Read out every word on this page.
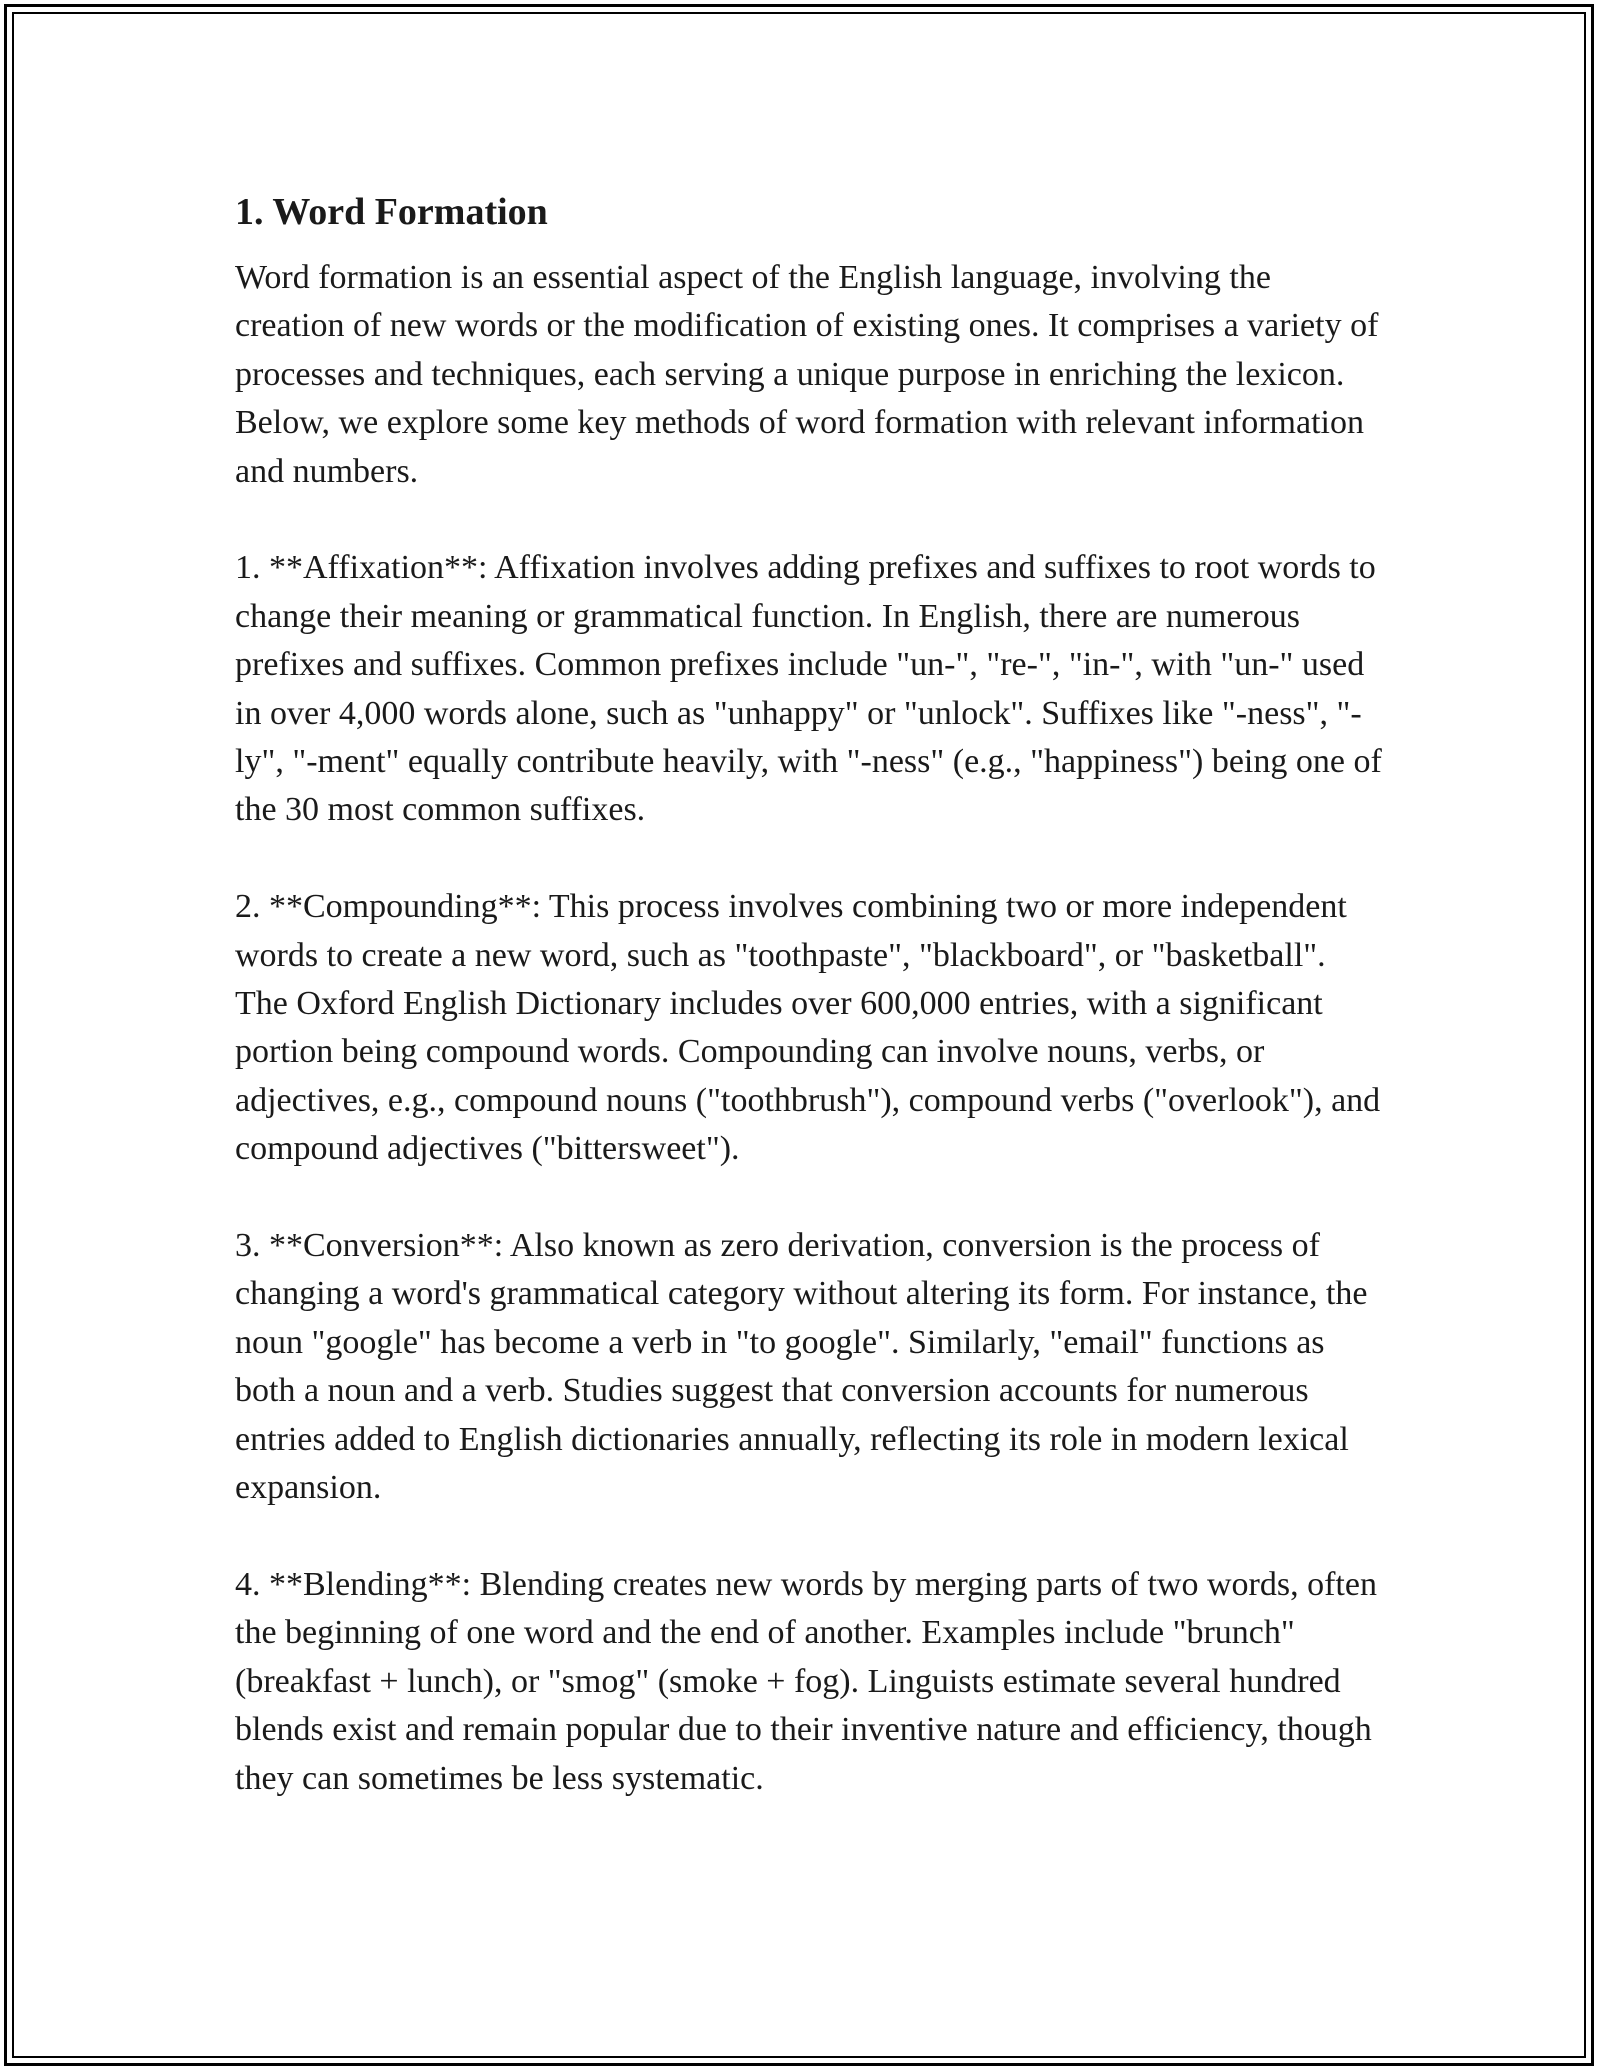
1. Word Formation

Word formation is an essential aspect of the English language, involving the creation of new words or the modification of existing ones. It comprises a variety of processes and techniques, each serving a unique purpose in enriching the lexicon. Below, we explore some key methods of word formation with relevant information and numbers.

1. **Affixation**: Affixation involves adding prefixes and suffixes to root words to change their meaning or grammatical function. In English, there are numerous prefixes and suffixes. Common prefixes include "un-", "re-", "in-", with "un-" used in over 4,000 words alone, such as "unhappy" or "unlock". Suffixes like "-ness", "-ly", "-ment" equally contribute heavily, with "-ness" (e.g., "happiness") being one of the 30 most common suffixes.

2. **Compounding**: This process involves combining two or more independent words to create a new word, such as "toothpaste", "blackboard", or "basketball". The Oxford English Dictionary includes over 600,000 entries, with a significant portion being compound words. Compounding can involve nouns, verbs, or adjectives, e.g., compound nouns ("toothbrush"), compound verbs ("overlook"), and compound adjectives ("bittersweet").

3. **Conversion**: Also known as zero derivation, conversion is the process of changing a word's grammatical category without altering its form. For instance, the noun "google" has become a verb in "to google". Similarly, "email" functions as both a noun and a verb. Studies suggest that conversion accounts for numerous entries added to English dictionaries annually, reflecting its role in modern lexical expansion.

4. **Blending**: Blending creates new words by merging parts of two words, often the beginning of one word and the end of another. Examples include "brunch" (breakfast + lunch), or "smog" (smoke + fog). Linguists estimate several hundred blends exist and remain popular due to their inventive nature and efficiency, though they can sometimes be less systematic.
